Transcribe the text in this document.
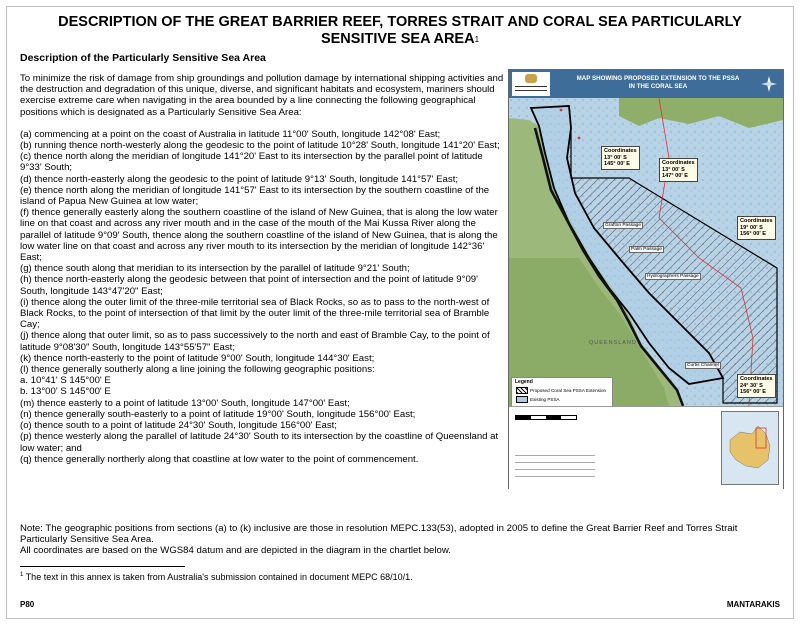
DESCRIPTION OF THE GREAT BARRIER REEF, TORRES STRAIT AND CORAL SEA PARTICULARLY SENSITIVE SEA AREA$^1$
Description of the Particularly Sensitive Sea Area

To minimize the risk of damage from ship groundings and pollution damage by international shipping activities and the destruction and degradation of this unique, diverse, and significant habitats and ecosystem, mariners should exercise extreme care when navigating in the area bounded by a line connecting the following geographical positions which is designated as a Particularly Sensitive Sea Area:

(a) commencing at a point on the coast of Australia in latitude 11°00' South, longitude 142°08' East;
(b) running thence north-westerly along the geodesic to the point of latitude 10°28' South, longitude 141°20' East;
(c) thence north along the meridian of longitude 141°20' East to its intersection by the parallel point of latitude 9°33' South;
(d) thence north-easterly along the geodesic to the point of latitude 9°13' South, longitude 141°57' East;
(e) thence north along the meridian of longitude 141°57' East to its intersection by the southern coastline of the island of Papua New Guinea at low water;
(f) thence generally easterly along the southern coastline of the island of New Guinea, that is along the low water line on that coast and across any river mouth and in the case of the mouth of the Mai Kussa River along the parallel of latitude 9°09' South, thence along the southern coastline of the island of New Guinea, that is along the low water line on that coast and across any river mouth to its intersection by the meridian of longitude 142°36' East;
(g) thence south along that meridian to its intersection by the parallel of latitude 9°21' South;
(h) thence north-easterly along the geodesic between that point of intersection and the point of latitude 9°09' South, longitude 143°47'20" East;
(i) thence along the outer limit of the three-mile territorial sea of Black Rocks, so as to pass to the north-west of Black Rocks, to the point of intersection of that limit by the outer limit of the three-mile territorial sea of Bramble Cay;
(j) thence along that outer limit, so as to pass successively to the north and east of Bramble Cay, to the point of latitude 9°08'30" South, longitude 143°55'57" East;
(k) thence north-easterly to the point of latitude 9°00' South, longitude 144°30' East;
(l) thence generally southerly along a line joining the following geographic positions:
a. 10°41' S 145°00' E
b. 13°00' S 145°00' E
(m) thence easterly to a point of latitude 13°00' South, longitude 147°00' East;
(n) thence generally south-easterly to a point of latitude 19°00' South, longitude 156°00' East;
(o) thence south to a point of latitude 24°30' South, longitude 156°00' East;
(p) thence westerly along the parallel of latitude 24°30' South to its intersection by the coastline of Queensland at low water; and
(q) thence generally northerly along that coastline at low water to the point of commencement.
MAP SHOWING PROPOSED EXTENSION TO THE PSSA
IN THE CORAL SEA
Coordinates
13° 00' S
145° 00' E	Coordinates
13° 00' S
147° 00' E
Coordinates
19° 00' S
156° 00' E
Coordinates
24° 30' S
156° 00' E
Grafton Passage
Palm Passage
Hydrographers Passage
Curtis Channel
QUEENSLAND
Legend
Proposed Coral Sea PSSA Extension
Existing PSSA

Note: The geographic positions from sections (a) to (k) inclusive are those in resolution MEPC.133(53), adopted in 2005 to define the Great Barrier Reef and Torres Strait Particularly Sensitive Sea Area.

All coordinates are based on the WGS84 datum and are depicted in the diagram in the chartlet below.

$^1$ The text in this annex is taken from Australia's submission contained in document MEPC 68/10/1.
P80	MANTARAKIS
